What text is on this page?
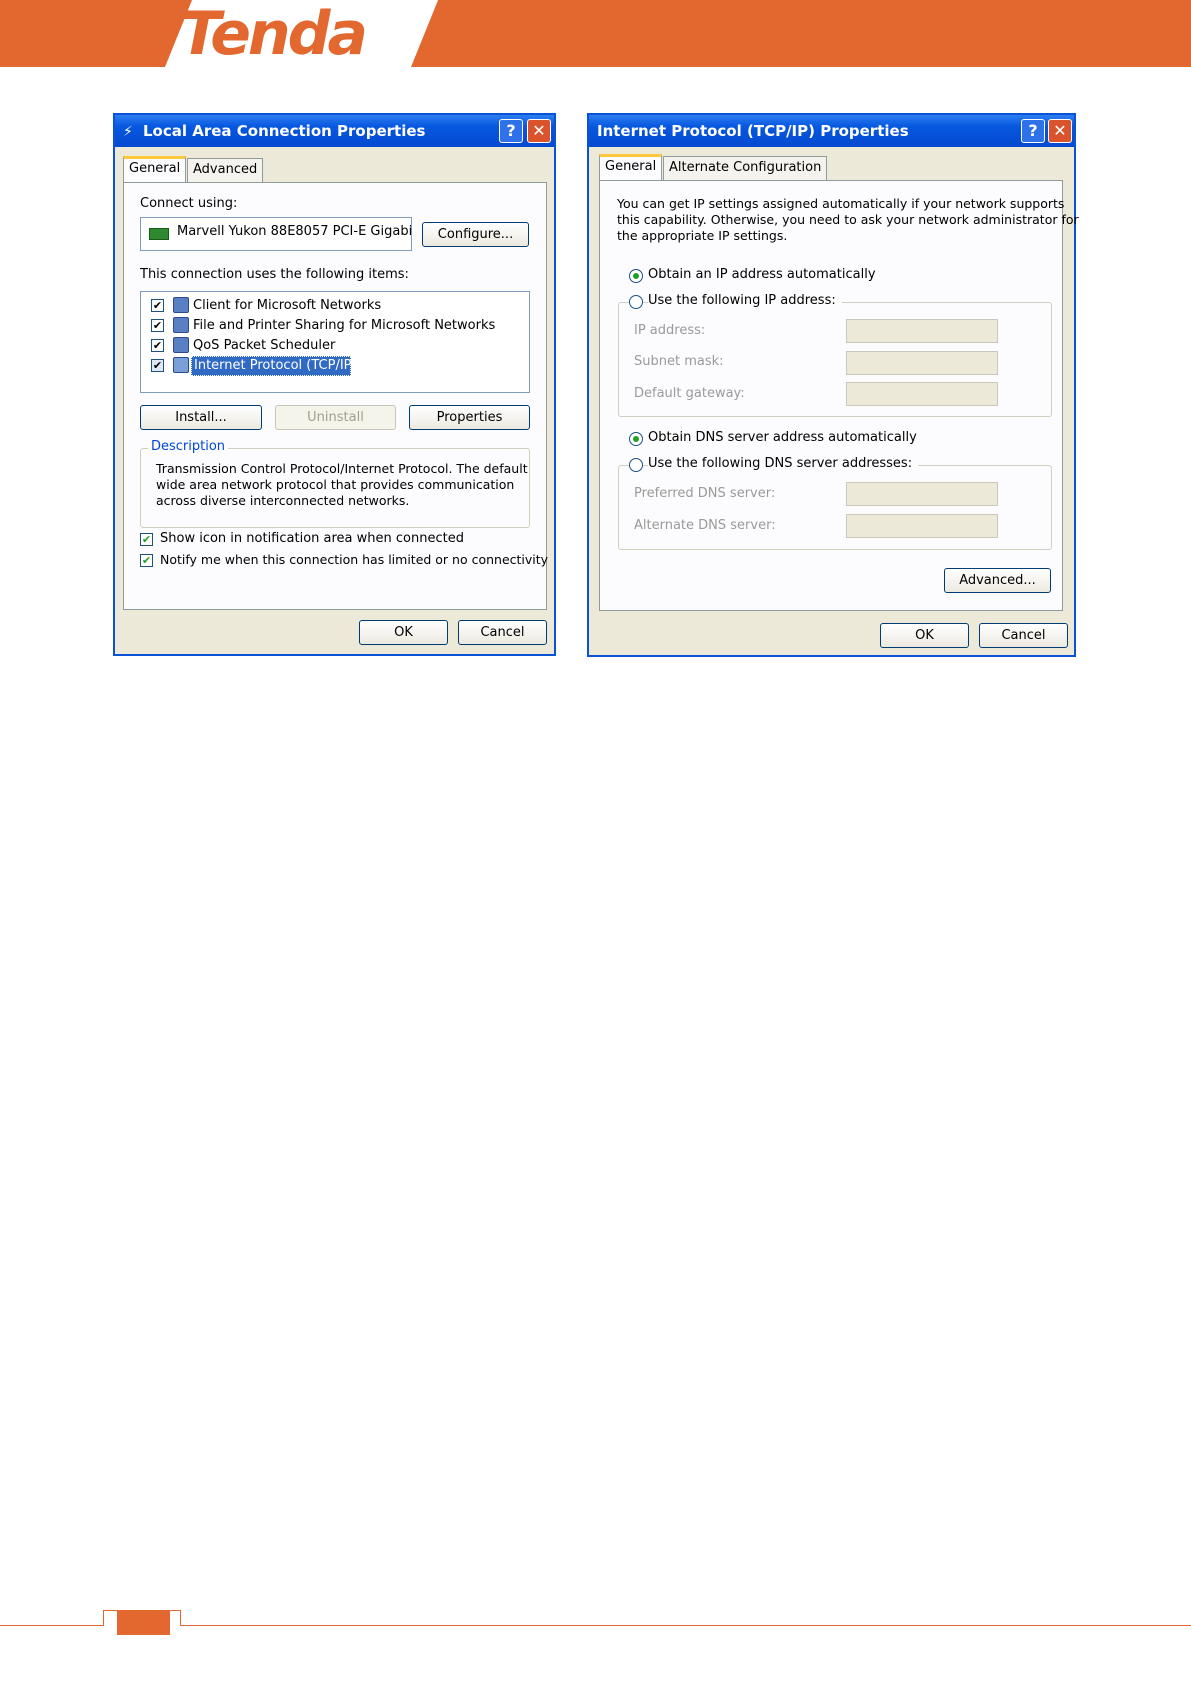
Tenda
⚡ Local Area Connection Properties	?	✕
General Advanced
Connect using:
Marvell Yukon 88E8057 PCI-E Gigabi	Configure...
This connection uses the following items:
✔ Client for Microsoft Networks
✔ File and Printer Sharing for Microsoft Networks
✔ QoS Packet Scheduler
✔ Internet Protocol (TCP/IP)
Install...	Uninstall	Properties
Description
Transmission Control Protocol/Internet Protocol. The default
wide area network protocol that provides communication
across diverse interconnected networks.
✔ Show icon in notification area when connected
✔ Notify me when this connection has limited or no connectivity
OK	Cancel
Internet Protocol (TCP/IP) Properties	? ✕
General Alternate Configuration
You can get IP settings assigned automatically if your network supports
this capability. Otherwise, you need to ask your network administrator for
the appropriate IP settings.
Obtain an IP address automatically
Use the following IP address:
IP address:
Subnet mask:
Default gateway:
Obtain DNS server address automatically
Use the following DNS server addresses:
Preferred DNS server:
Alternate DNS server:
Advanced...
OK	Cancel
